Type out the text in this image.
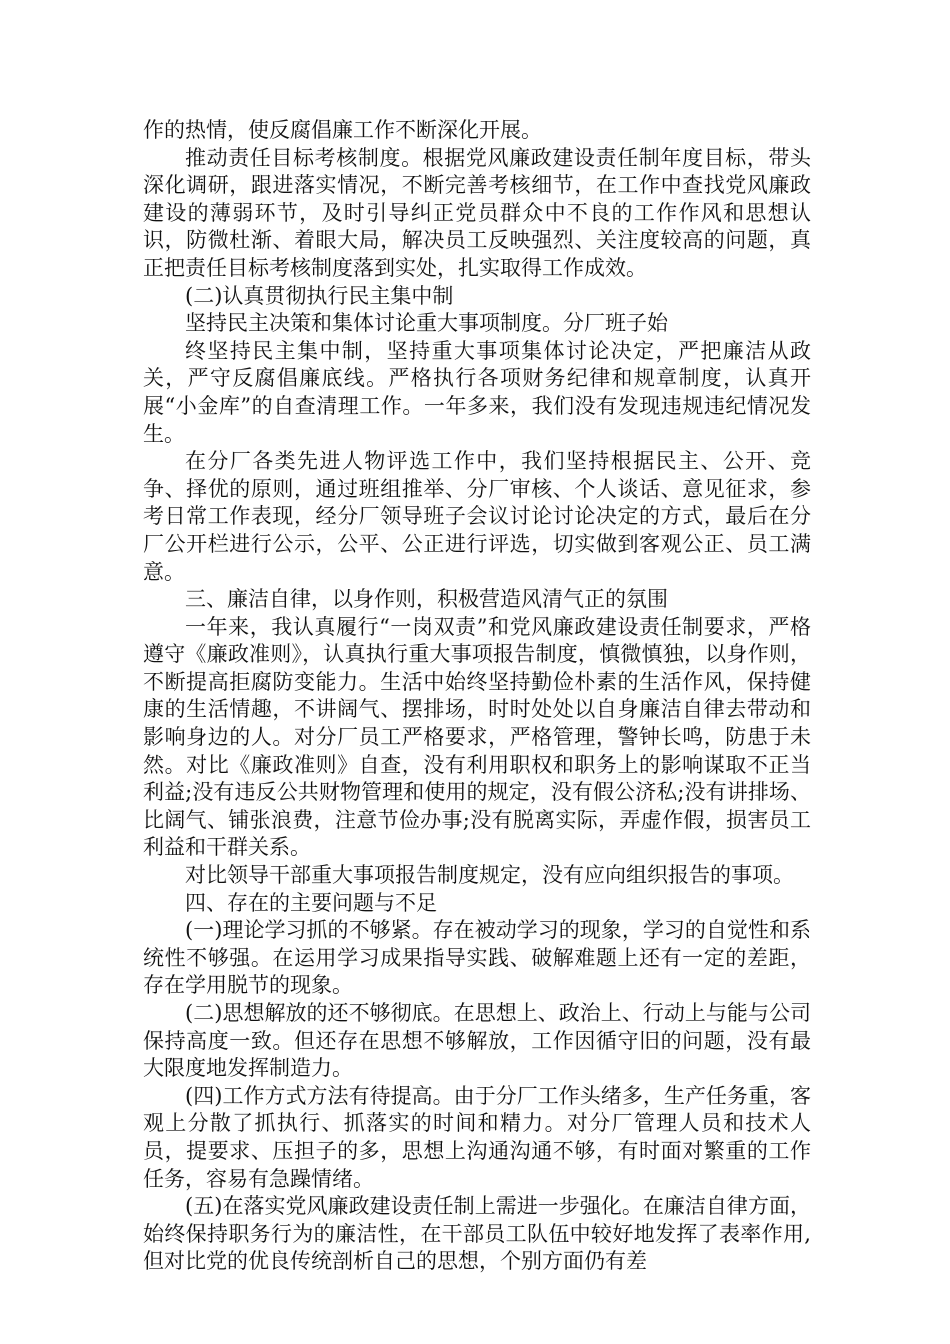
作的热情，使反腐倡廉工作不断深化开展。

推动责任目标考核制度。根据党风廉政建设责任制年度目标，带头深化调研，跟进落实情况，不断完善考核细节，在工作中查找党风廉政建设的薄弱环节，及时引导纠正党员群众中不良的工作作风和思想认识，防微杜渐、着眼大局，解决员工反映强烈、关注度较高的问题，真正把责任目标考核制度落到实处，扎实取得工作成效。

(二)认真贯彻执行民主集中制

坚持民主决策和集体讨论重大事项制度。分厂班子始

终坚持民主集中制，坚持重大事项集体讨论决定，严把廉洁从政关，严守反腐倡廉底线。严格执行各项财务纪律和规章制度，认真开展“小金库”的自查清理工作。一年多来，我们没有发现违规违纪情况发生。

在分厂各类先进人物评选工作中，我们坚持根据民主、公开、竞争、择优的原则，通过班组推举、分厂审核、个人谈话、意见征求，参考日常工作表现，经分厂领导班子会议讨论讨论决定的方式，最后在分厂公开栏进行公示，公平、公正进行评选，切实做到客观公正、员工满意。

三、廉洁自律，以身作则，积极营造风清气正的氛围

一年来，我认真履行“一岗双责”和党风廉政建设责任制要求，严格遵守《廉政准则》，认真执行重大事项报告制度，慎微慎独，以身作则，不断提高拒腐防变能力。生活中始终坚持勤俭朴素的生活作风，保持健康的生活情趣，不讲阔气、摆排场，时时处处以自身廉洁自律去带动和影响身边的人。对分厂员工严格要求，严格管理，警钟长鸣，防患于未然。对比《廉政准则》自查，没有利用职权和职务上的影响谋取不正当利益;没有违反公共财物管理和使用的规定，没有假公济私;没有讲排场、比阔气、铺张浪费，注意节俭办事;没有脱离实际，弄虚作假，损害员工利益和干群关系。

对比领导干部重大事项报告制度规定，没有应向组织报告的事项。

四、存在的主要问题与不足

(一)理论学习抓的不够紧。存在被动学习的现象，学习的自觉性和系统性不够强。在运用学习成果指导实践、破解难题上还有一定的差距，存在学用脱节的现象。

(二)思想解放的还不够彻底。在思想上、政治上、行动上与能与公司保持高度一致。但还存在思想不够解放，工作因循守旧的问题，没有最大限度地发挥制造力。

(四)工作方式方法有待提高。由于分厂工作头绪多，生产任务重，客观上分散了抓执行、抓落实的时间和精力。对分厂管理人员和技术人员，提要求、压担子的多，思想上沟通沟通不够，有时面对繁重的工作任务，容易有急躁情绪。

(五)在落实党风廉政建设责任制上需进一步强化。在廉洁自律方面，始终保持职务行为的廉洁性，在干部员工队伍中较好地发挥了表率作用,但对比党的优良传统剖析自己的思想，个别方面仍有差
